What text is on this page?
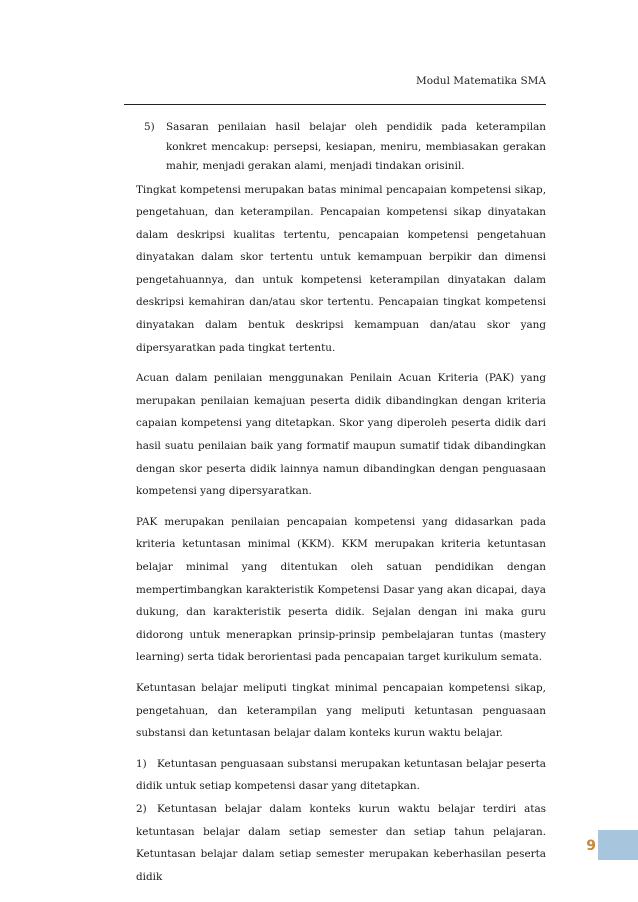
Modul Matematika SMA
5) Sasaran penilaian hasil belajar oleh pendidik pada keterampilan konkret mencakup: persepsi, kesiapan, meniru, membiasakan gerakan mahir, menjadi gerakan alami, menjadi tindakan orisinil.

Tingkat kompetensi merupakan batas minimal pencapaian kompetensi sikap, pengetahuan, dan keterampilan. Pencapaian kompetensi sikap dinyatakan dalam deskripsi kualitas tertentu, pencapaian kompetensi pengetahuan dinyatakan dalam skor tertentu untuk kemampuan berpikir dan dimensi pengetahuannya, dan untuk kompetensi keterampilan dinyatakan dalam deskripsi kemahiran dan/atau skor tertentu. Pencapaian tingkat kompetensi dinyatakan dalam bentuk deskripsi kemampuan dan/atau skor yang dipersyaratkan pada tingkat tertentu.

Acuan dalam penilaian menggunakan Penilain Acuan Kriteria (PAK) yang merupakan penilaian kemajuan peserta didik dibandingkan dengan kriteria capaian kompetensi yang ditetapkan. Skor yang diperoleh peserta didik dari hasil suatu penilaian baik yang formatif maupun sumatif tidak dibandingkan dengan skor peserta didik lainnya namun dibandingkan dengan penguasaan kompetensi yang dipersyaratkan.

PAK merupakan penilaian pencapaian kompetensi yang didasarkan pada kriteria ketuntasan minimal (KKM). KKM merupakan kriteria ketuntasan belajar minimal yang ditentukan oleh satuan pendidikan dengan mempertimbangkan karakteristik Kompetensi Dasar yang akan dicapai, daya dukung, dan karakteristik peserta didik. Sejalan dengan ini maka guru didorong untuk menerapkan prinsip-prinsip pembelajaran tuntas (mastery learning) serta tidak berorientasi pada pencapaian target kurikulum semata.

Ketuntasan belajar meliputi tingkat minimal pencapaian kompetensi sikap, pengetahuan, dan keterampilan yang meliputi ketuntasan penguasaan substansi dan ketuntasan belajar dalam konteks kurun waktu belajar.

1) Ketuntasan penguasaan substansi merupakan ketuntasan belajar peserta didik untuk setiap kompetensi dasar yang ditetapkan.

2) Ketuntasan belajar dalam konteks kurun waktu belajar terdiri atas ketuntasan belajar dalam setiap semester dan setiap tahun pelajaran. Ketuntasan belajar dalam setiap semester merupakan keberhasilan peserta didik

9
